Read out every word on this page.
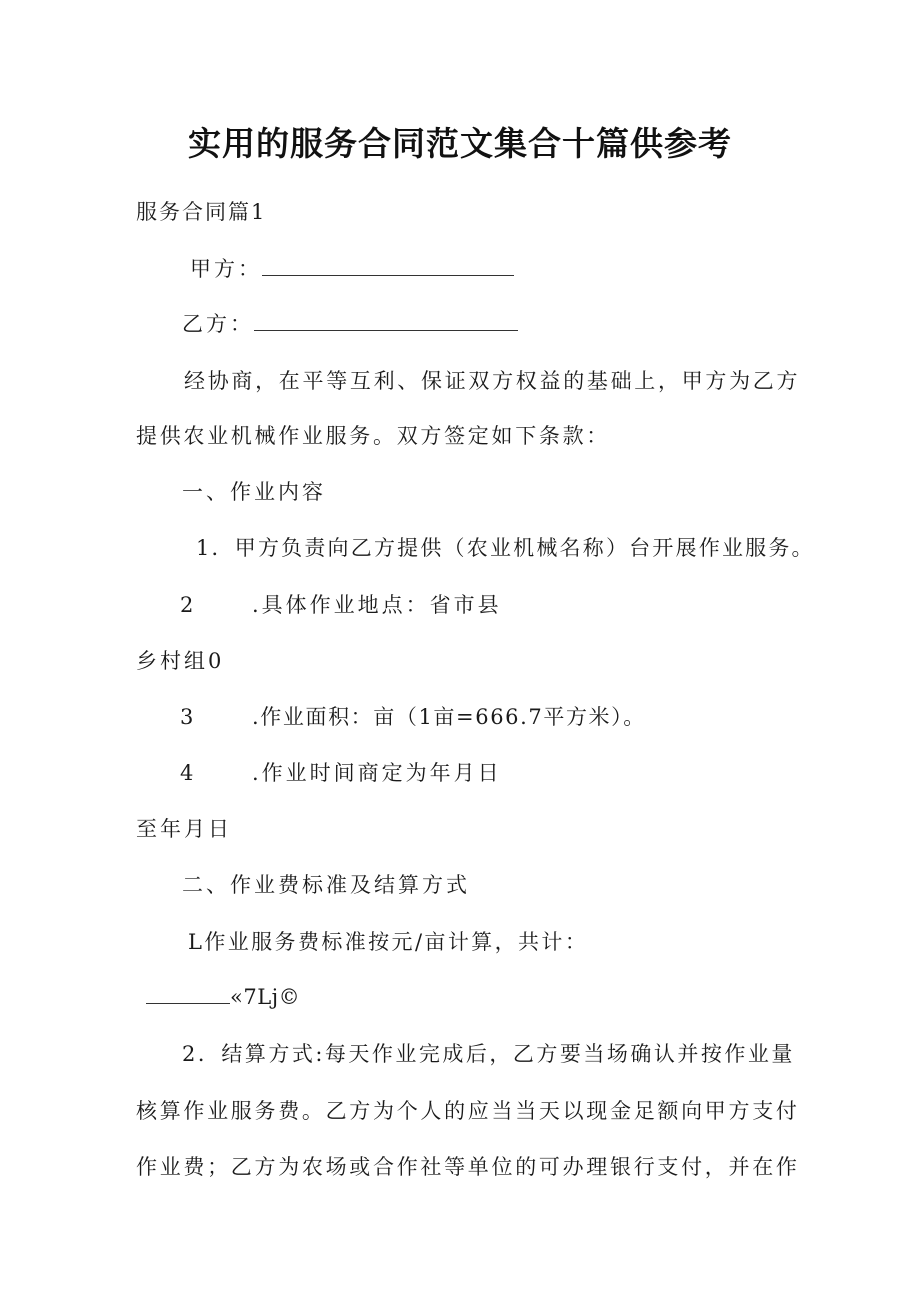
实用的服务合同范文集合十篇供参考
服务合同篇1
甲方：
乙方：
经协商，在平等互利、保证双方权益的基础上，甲方为乙方
提供农业机械作业服务。双方签定如下条款：
一、作业内容
1．甲方负责向乙方提供（农业机械名称）台开展作业服务。
2	.具体作业地点：省市县
乡村组0
3	.作业面积：亩（1亩=666.7平方米）。
4	.作业时间商定为年月日
至年月日
二、作业费标准及结算方式
L作业服务费标准按元/亩计算，共计：
«7Lj©
2．结算方式:每天作业完成后，乙方要当场确认并按作业量
核算作业服务费。乙方为个人的应当当天以现金足额向甲方支付
作业费；乙方为农场或合作社等单位的可办理银行支付，并在作
